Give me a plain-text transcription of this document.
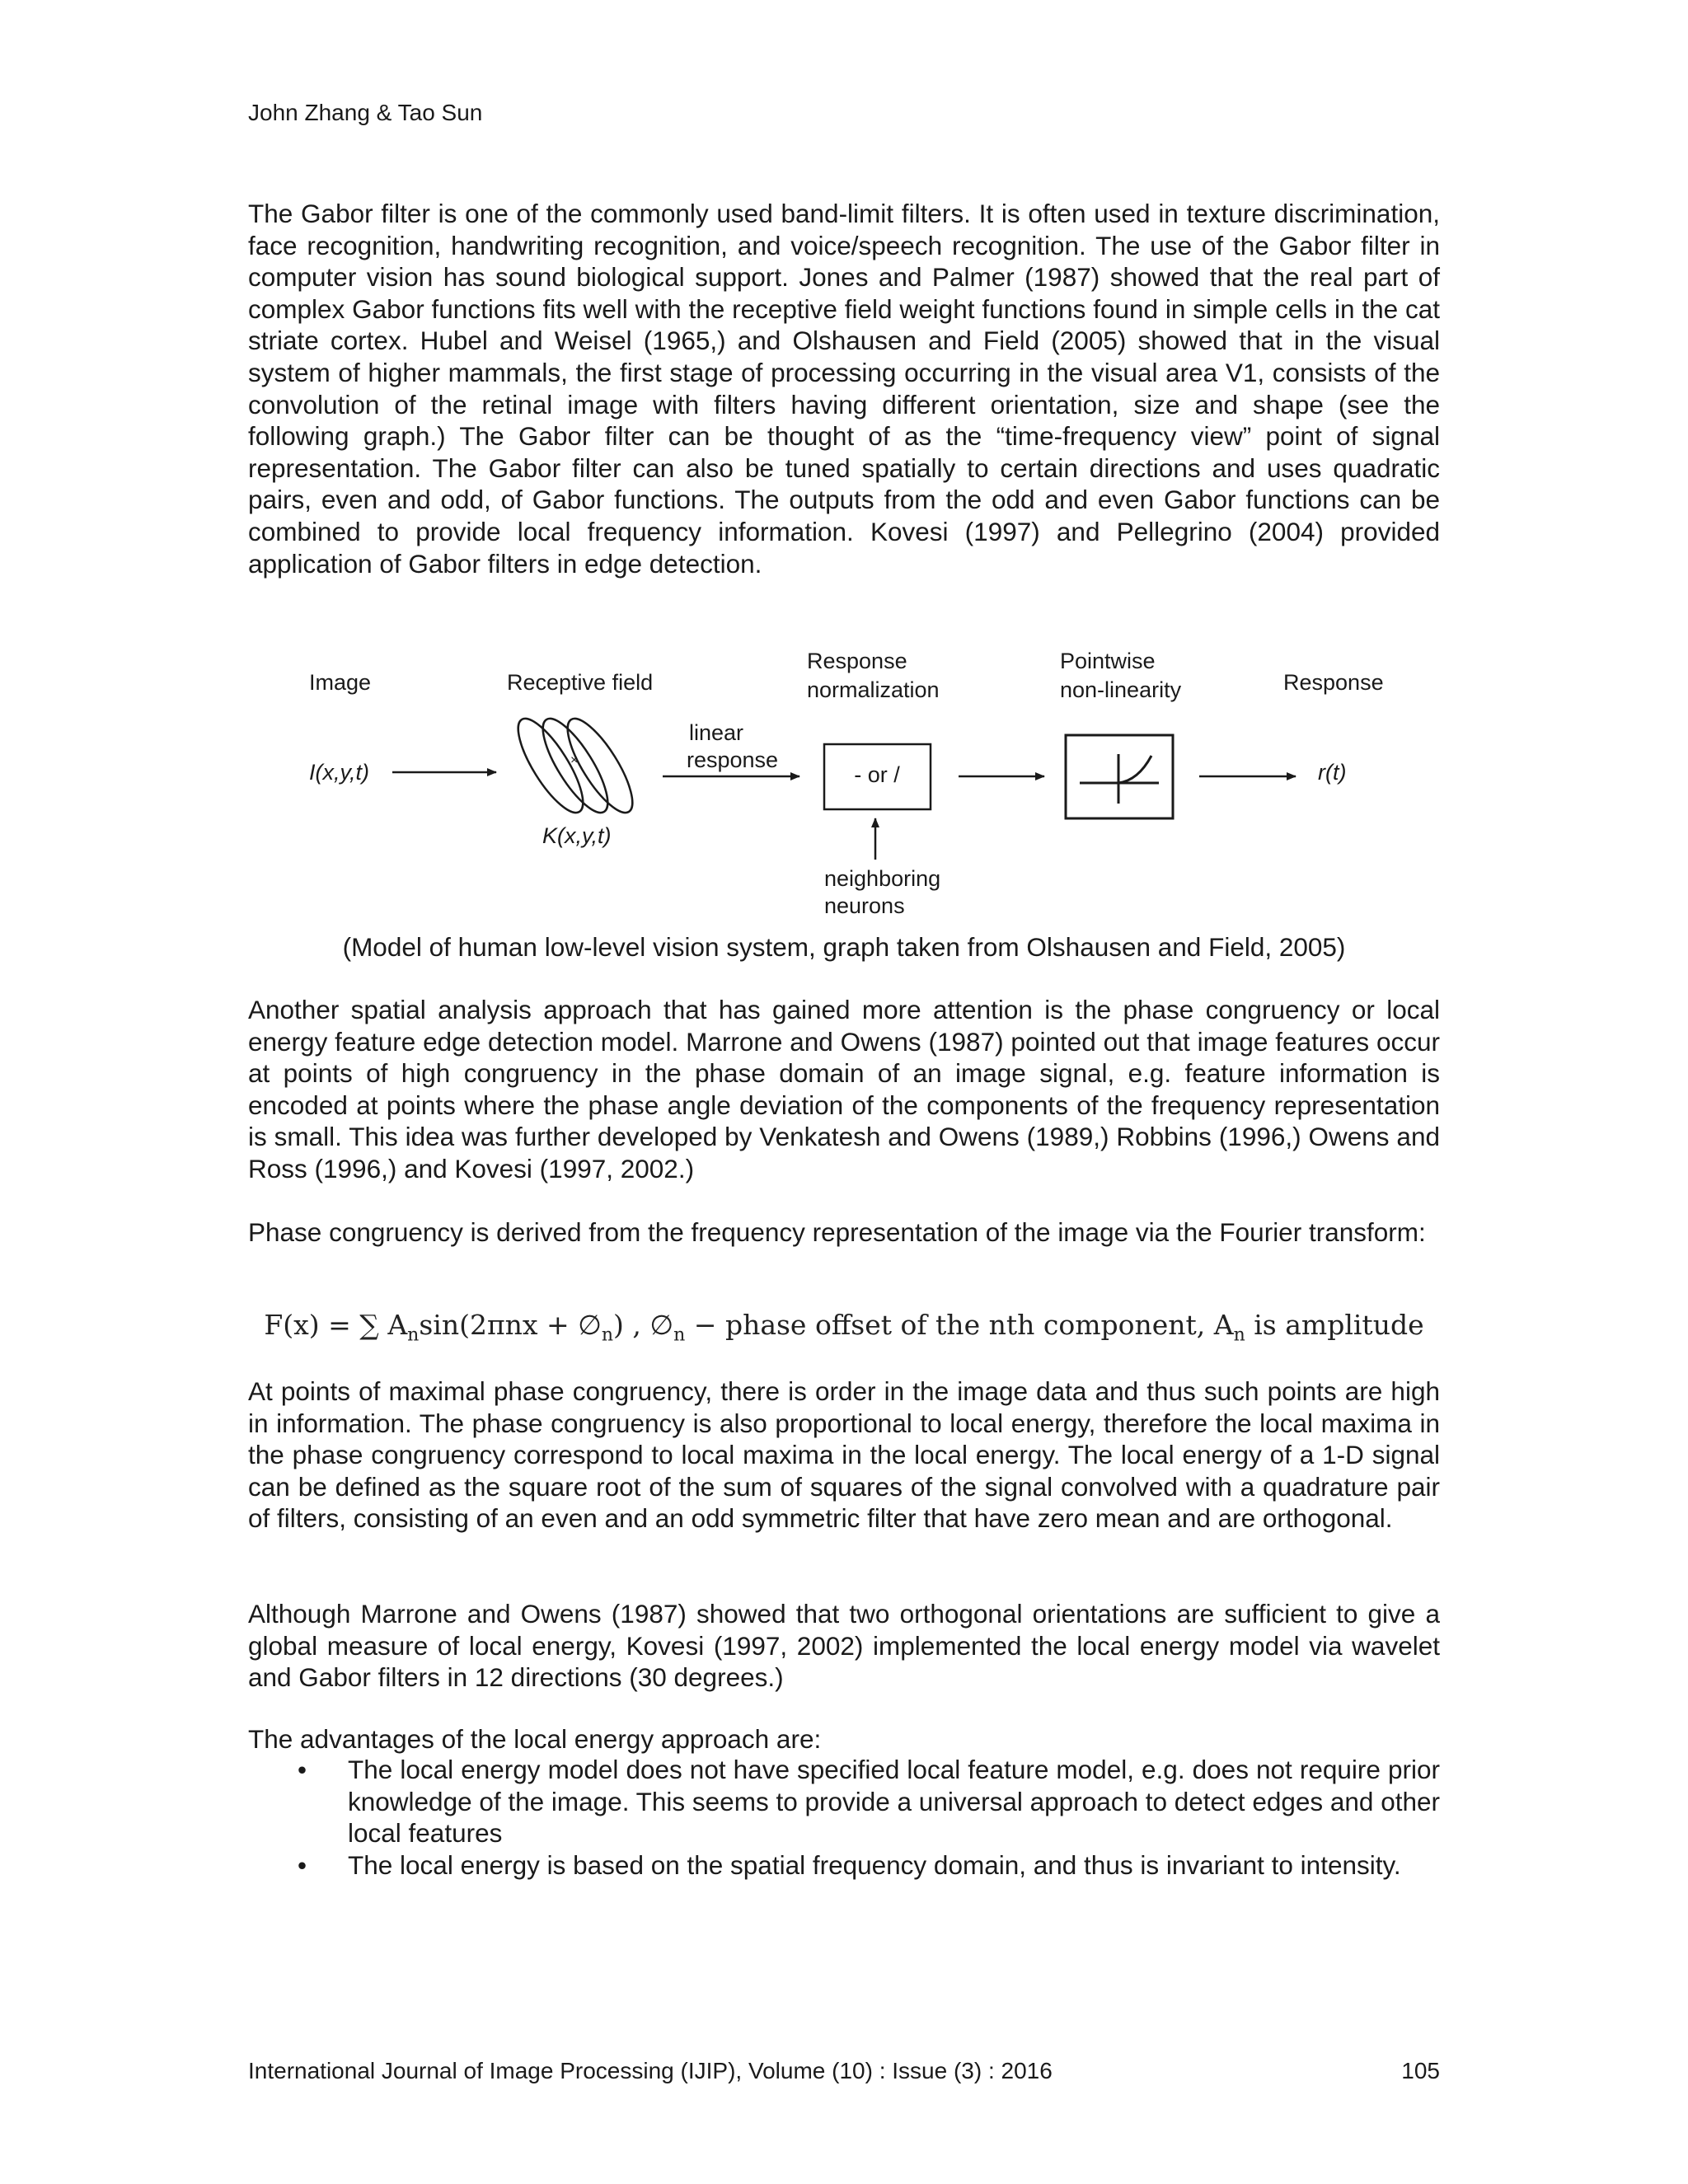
John Zhang & Tao Sun

The Gabor filter is one of the commonly used band-limit filters. It is often used in texture discrimination, face recognition, handwriting recognition, and voice/speech recognition. The use of the Gabor filter in computer vision has sound biological support. Jones and Palmer (1987) showed that the real part of complex Gabor functions fits well with the receptive field weight functions found in simple cells in the cat striate cortex. Hubel and Weisel (1965,) and Olshausen and Field (2005) showed that in the visual system of higher mammals, the first stage of processing occurring in the visual area V1, consists of the convolution of the retinal image with filters having different orientation, size and shape (see the following graph.) The Gabor filter can be thought of as the “time-frequency view” point of signal representation. The Gabor filter can also be tuned spatially to certain directions and uses quadratic pairs, even and odd, of Gabor functions. The outputs from the odd and even Gabor functions can be combined to provide local frequency information. Kovesi (1997) and Pellegrino (2004) provided application of Gabor filters in edge detection.

Image	Receptive field
Response
normalization
Pointwise
non-linearity	Response
I(x,y,t)	×
K(x,y,t)
linear
response
- or /
neighboring
neurons
r(t)
(Model of human low-level vision system, graph taken from Olshausen and Field, 2005)

Another spatial analysis approach that has gained more attention is the phase congruency or local energy feature edge detection model. Marrone and Owens (1987) pointed out that image features occur at points of high congruency in the phase domain of an image signal, e.g. feature information is encoded at points where the phase angle deviation of the components of the frequency representation is small. This idea was further developed by Venkatesh and Owens (1989,) Robbins (1996,) Owens and Ross (1996,) and Kovesi (1997, 2002.)

Phase congruency is derived from the frequency representation of the image via the Fourier transform:

F(x) = ∑ $A_n\sin(2\pi nx$ + $\emptyset_n$) , $\emptyset_n$ − phase offset of the nth component, $A_n$ is amplitude

At points of maximal phase congruency, there is order in the image data and thus such points are high in information. The phase congruency is also proportional to local energy, therefore the local maxima in the phase congruency correspond to local maxima in the local energy. The local energy of a 1-D signal can be defined as the square root of the sum of squares of the signal convolved with a quadrature pair of filters, consisting of an even and an odd symmetric filter that have zero mean and are orthogonal.

Although Marrone and Owens (1987) showed that two orthogonal orientations are sufficient to give a global measure of local energy, Kovesi (1997, 2002) implemented the local energy model via wavelet and Gabor filters in 12 directions (30 degrees.)

The advantages of the local energy approach are:

• The local energy model does not have specified local feature model, e.g. does not require prior knowledge of the image. This seems to provide a universal approach to detect edges and other local features
• The local energy is based on the spatial frequency domain, and thus is invariant to intensity.
International Journal of Image Processing (IJIP), Volume (10) : Issue (3) : 2016	105
